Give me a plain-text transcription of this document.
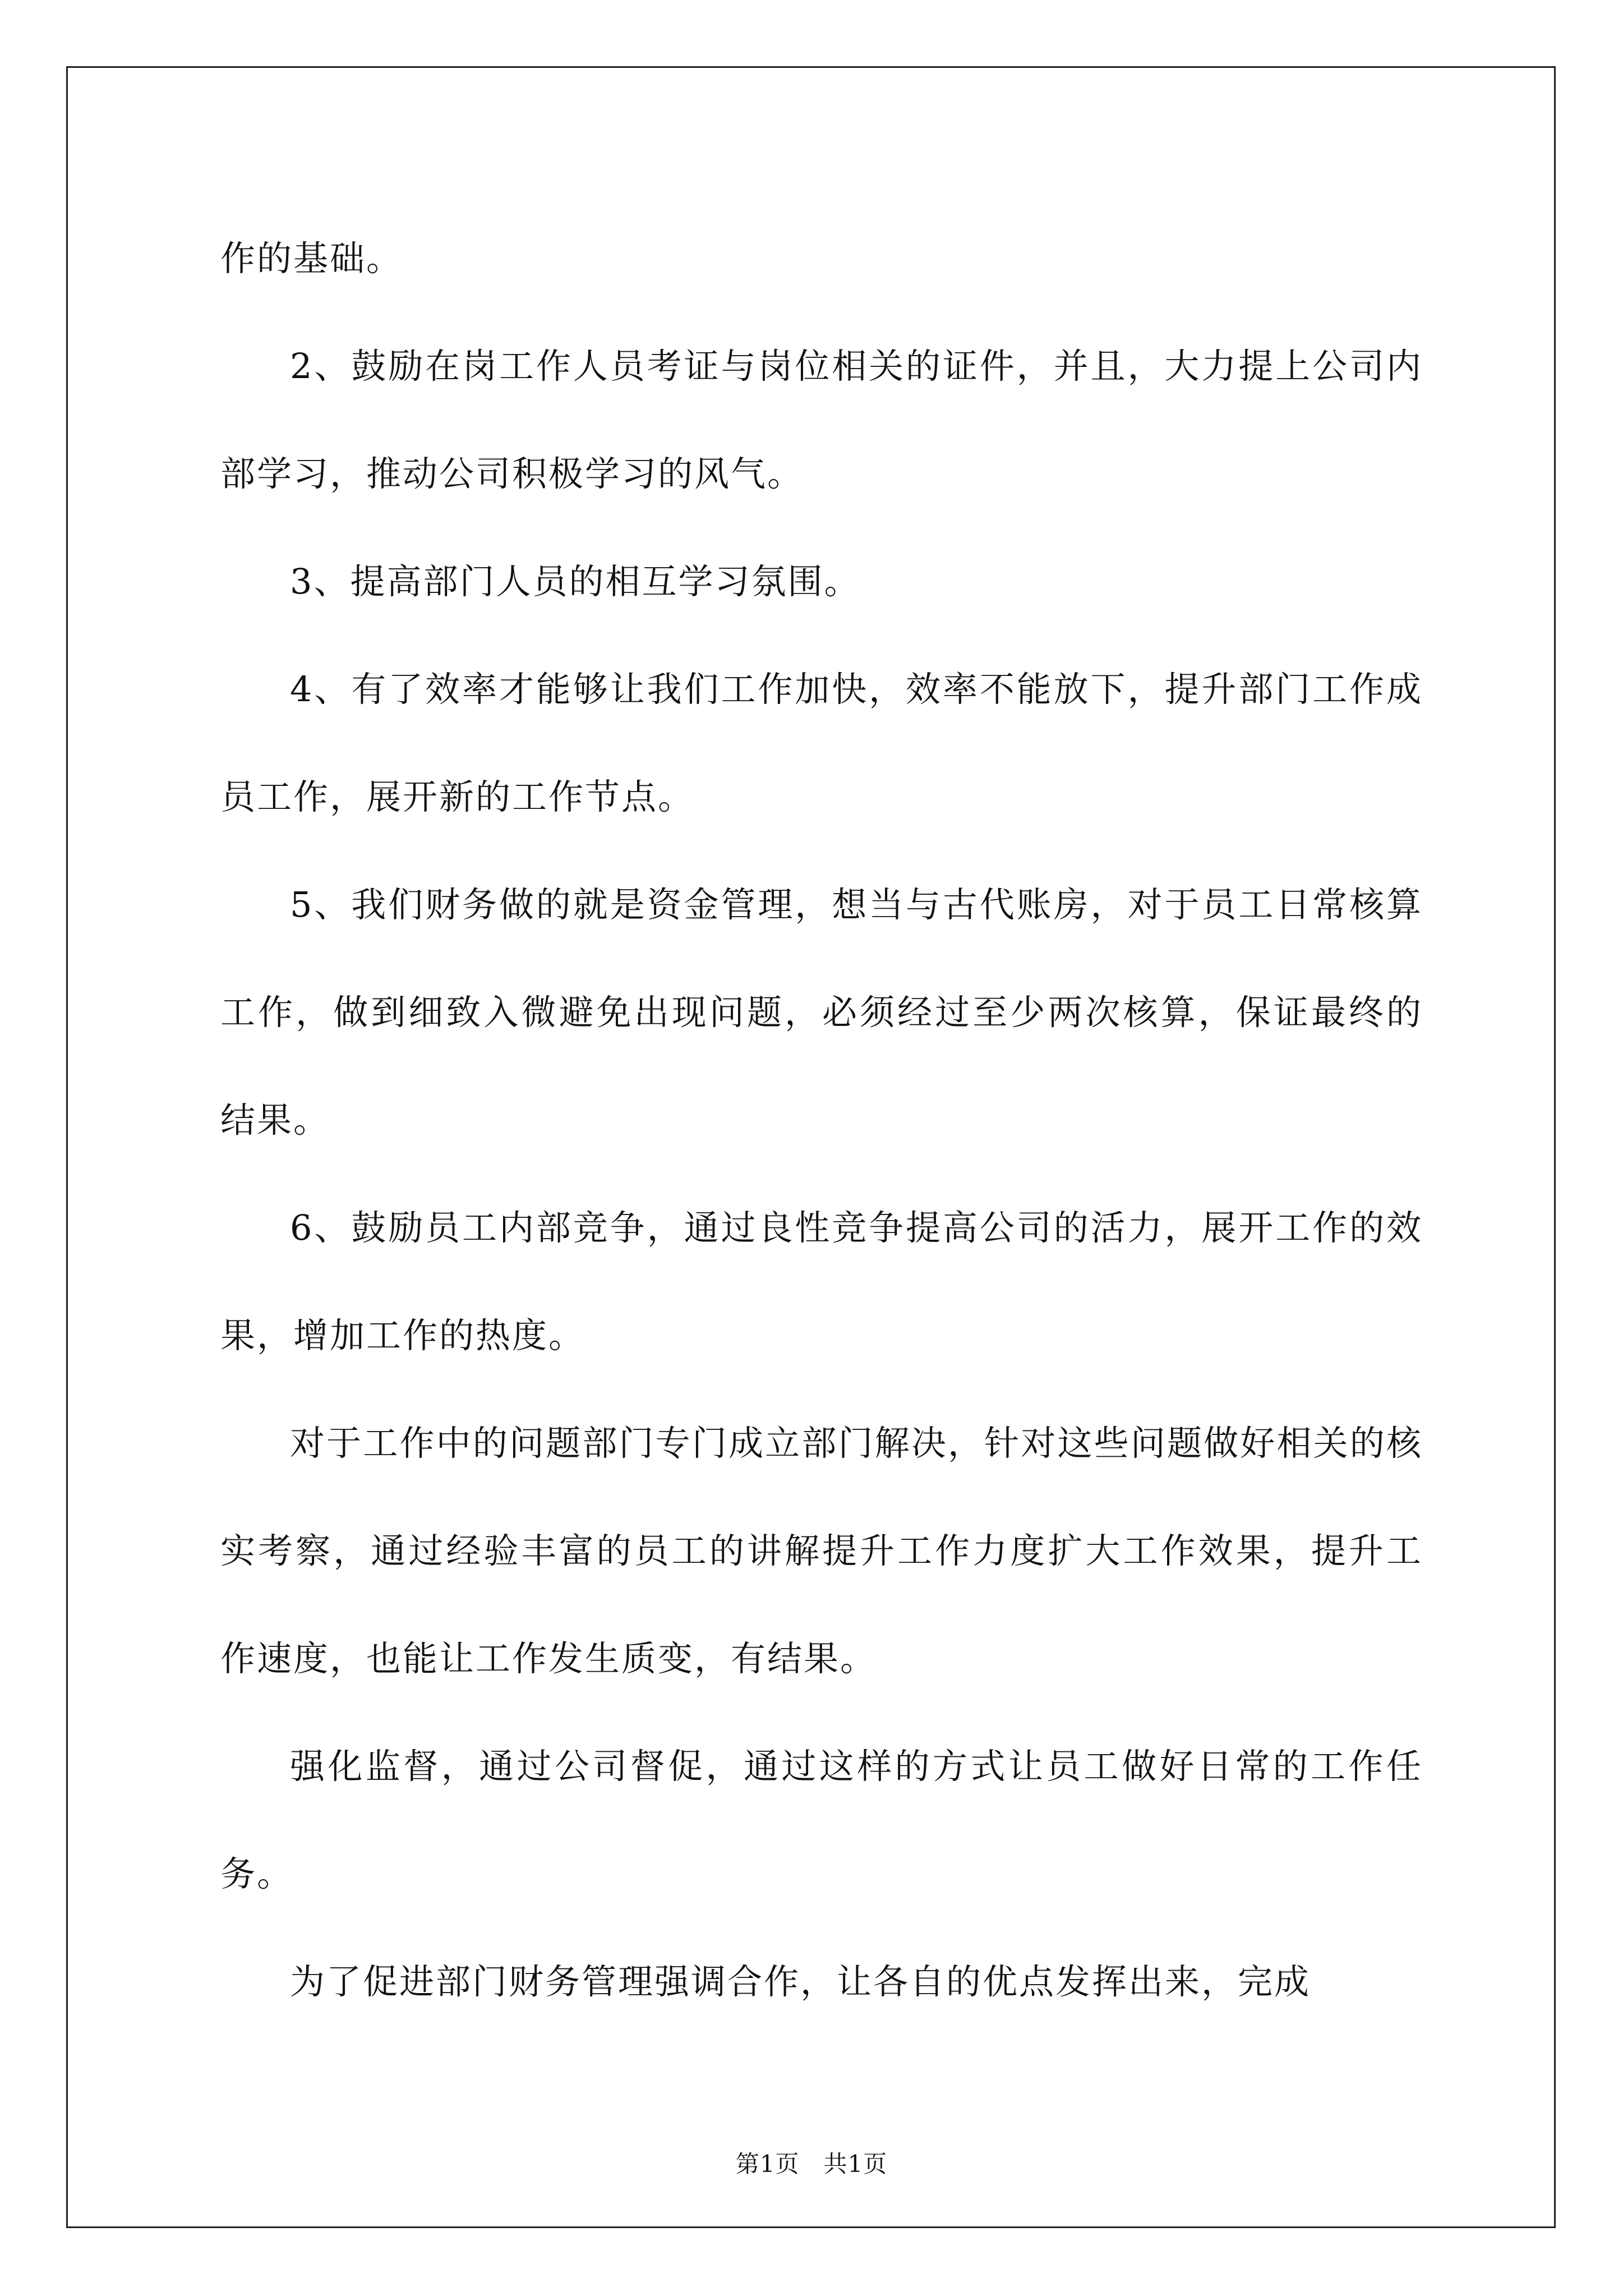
作的基础。

2、鼓励在岗工作人员考证与岗位相关的证件，并且，大力提上公司内部学习，推动公司积极学习的风气。

3、提高部门人员的相互学习氛围。

4、有了效率才能够让我们工作加快，效率不能放下，提升部门工作成员工作，展开新的工作节点。

5、我们财务做的就是资金管理，想当与古代账房，对于员工日常核算工作，做到细致入微避免出现问题，必须经过至少两次核算，保证最终的结果。

6、鼓励员工内部竞争，通过良性竞争提高公司的活力，展开工作的效果，增加工作的热度。

对于工作中的问题部门专门成立部门解决，针对这些问题做好相关的核实考察，通过经验丰富的员工的讲解提升工作力度扩大工作效果，提升工作速度，也能让工作发生质变，有结果。

强化监督，通过公司督促，通过这样的方式让员工做好日常的工作任务。

为了促进部门财务管理强调合作，让各自的优点发挥出来，完成

第1页   共1页
